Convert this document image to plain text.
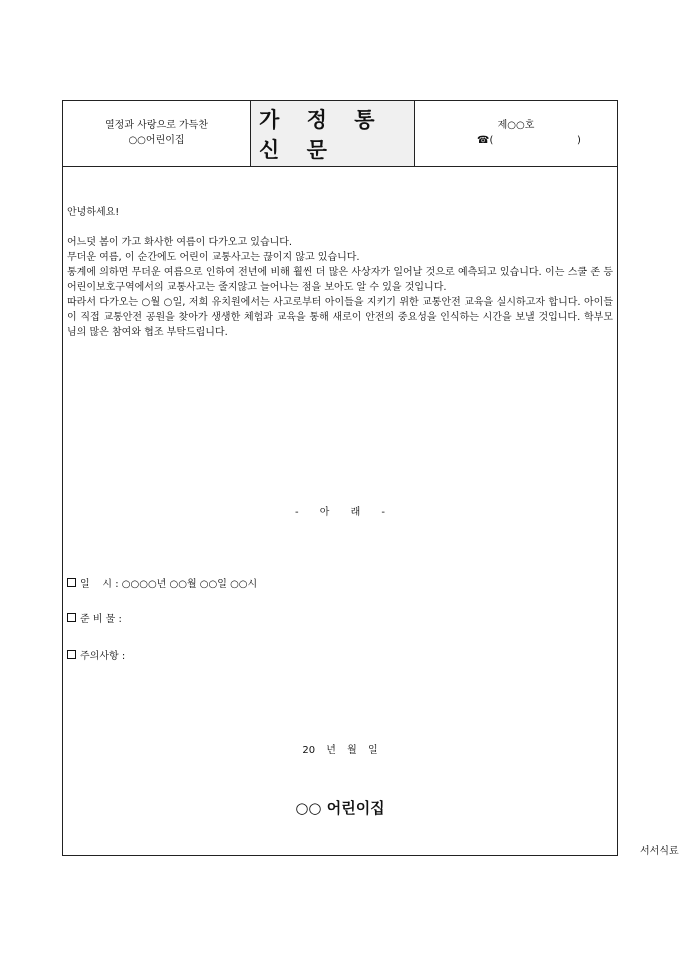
열정과 사랑으로 가득찬
○○어린이집
가 정 통 신 문
제○○호
☎(	)

안녕하세요!

어느덧 봄이 가고 화사한 여름이 다가오고 있습니다.

무더운 여름, 이 순간에도 어린이 교통사고는 끊이지 않고 있습니다.

통계에 의하면 무더운 여름으로 인하여 전년에 비해 훨씬 더 많은 사상자가 일어날 것으로 예측되고 있습니다. 이는 스쿨 존 등 어린이보호구역에서의 교통사고는 줄지않고 늘어나는 점을 보아도 알 수 있을 것입니다.

따라서 다가오는 ○월 ○일, 저희 유치원에서는 사고로부터 아이들을 지키기 위한 교통안전 교육을 실시하고자 합니다. 아이들이 직접 교통안전 공원을 찾아가 생생한 체험과 교육을 통해 새로이 안전의 중요성을 인식하는 시간을 보낼 것입니다. 학부모님의 많은 참여와 협조 부탁드립니다.

- 아 래 -
일    시 : ○○○○년 ○○월 ○○일 ○○시
준 비 물 :
주의사항 :
20 년 월 일
○○ 어린이집
서서식료
